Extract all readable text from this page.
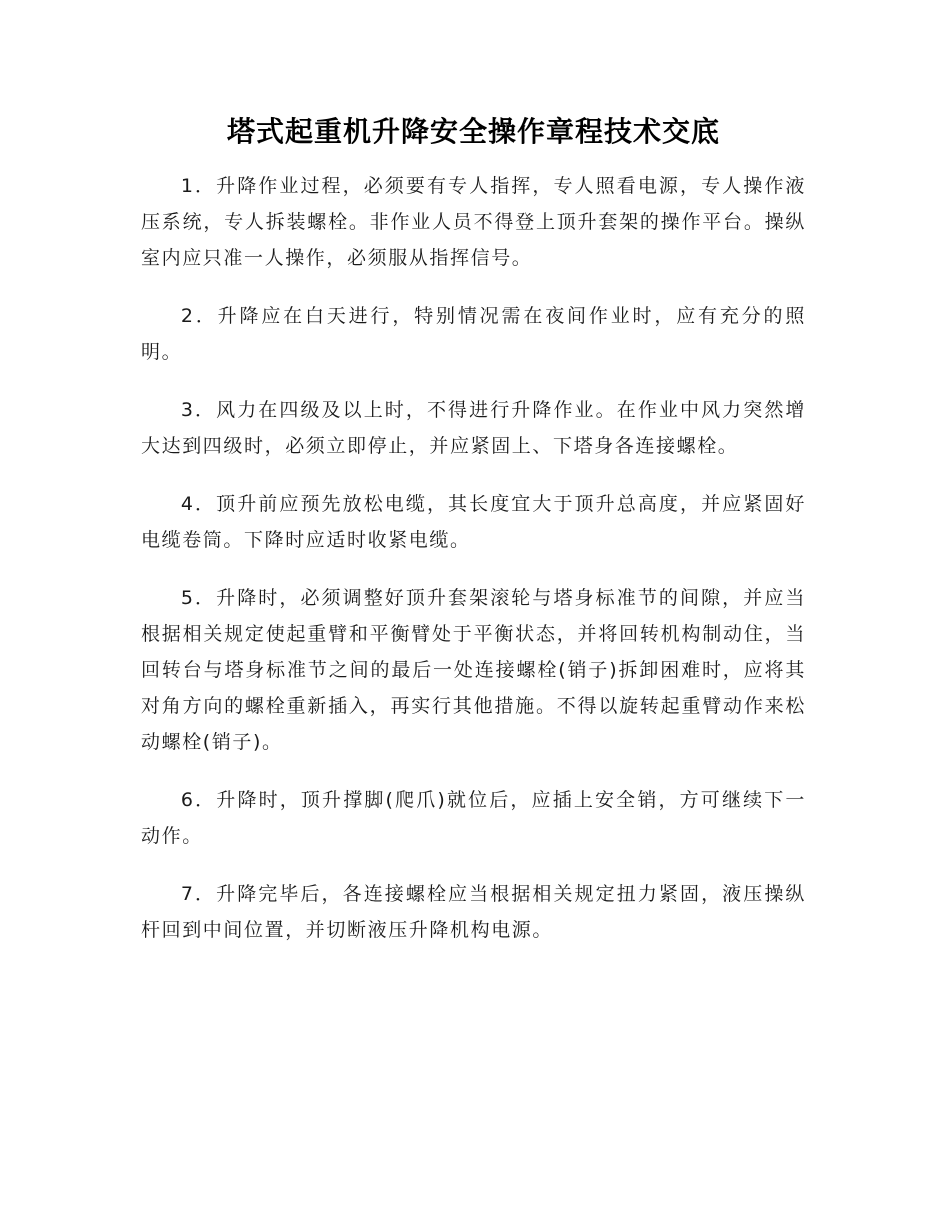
塔式起重机升降安全操作章程技术交底

1．升降作业过程，必须要有专人指挥，专人照看电源，专人操作液压系统，专人拆装螺栓。非作业人员不得登上顶升套架的操作平台。操纵室内应只准一人操作，必须服从指挥信号。

2．升降应在白天进行，特别情况需在夜间作业时，应有充分的照明。

3．风力在四级及以上时，不得进行升降作业。在作业中风力突然增大达到四级时，必须立即停止，并应紧固上、下塔身各连接螺栓。

4．顶升前应预先放松电缆，其长度宜大于顶升总高度，并应紧固好电缆卷筒。下降时应适时收紧电缆。

5．升降时，必须调整好顶升套架滚轮与塔身标准节的间隙，并应当根据相关规定使起重臂和平衡臂处于平衡状态，并将回转机构制动住，当回转台与塔身标准节之间的最后一处连接螺栓(销子)拆卸困难时，应将其对角方向的螺栓重新插入，再实行其他措施。不得以旋转起重臂动作来松动螺栓(销子)。

6．升降时，顶升撑脚(爬爪)就位后，应插上安全销，方可继续下一动作。

7．升降完毕后，各连接螺栓应当根据相关规定扭力紧固，液压操纵杆回到中间位置，并切断液压升降机构电源。
